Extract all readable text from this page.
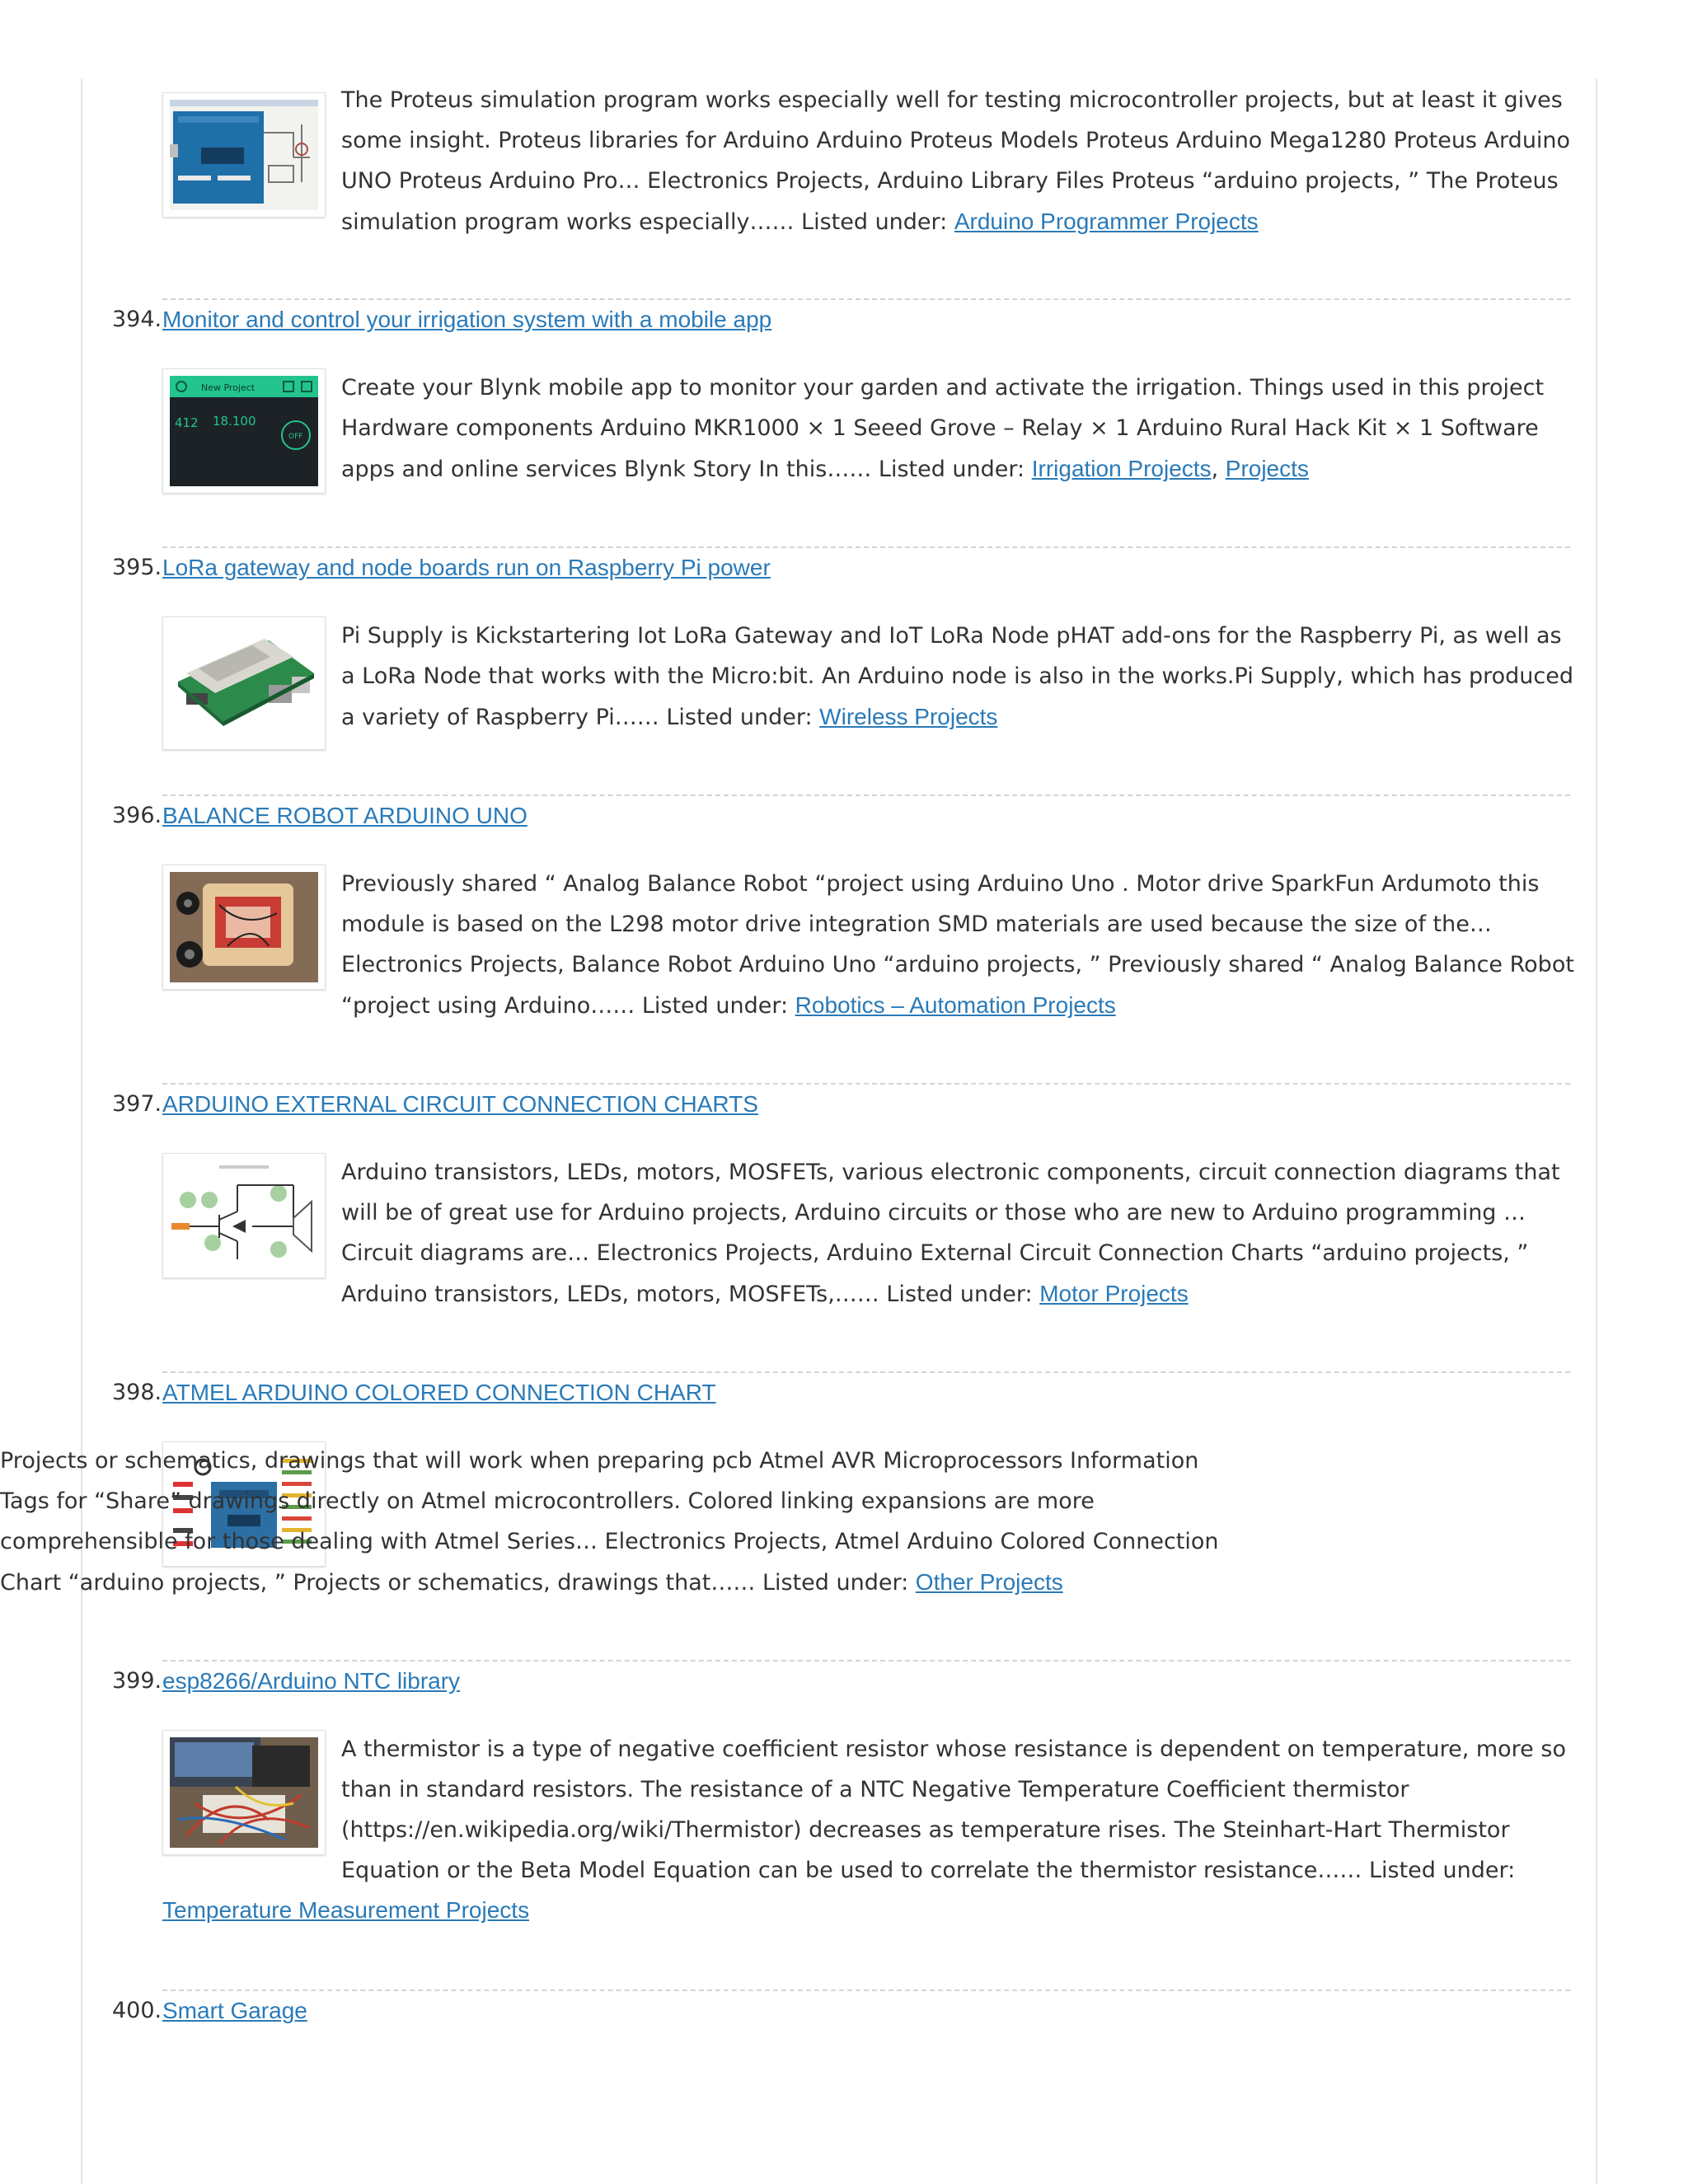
The Proteus simulation program works especially well for testing microcontroller projects, but at least it gives some insight. Proteus libraries for Arduino Arduino Proteus Models Proteus Arduino Mega1280 Proteus Arduino UNO Proteus Arduino Pro… Electronics Projects, Arduino Library Files Proteus “arduino projects, ” The Proteus simulation program works especially…… Listed under: Arduino Programmer Projects

394. Monitor and control your irrigation system with a mobile app
New Project
412 18.100
OFF

Create your Blynk mobile app to monitor your garden and activate the irrigation. Things used in this project Hardware components Arduino MKR1000 × 1 Seeed Grove – Relay × 1 Arduino Rural Hack Kit × 1 Software apps and online services Blynk Story In this…… Listed under: Irrigation Projects, Projects

395. LoRa gateway and node boards run on Raspberry Pi power

Pi Supply is Kickstartering Iot LoRa Gateway and IoT LoRa Node pHAT add-ons for the Raspberry Pi, as well as a LoRa Node that works with the Micro:bit. An Arduino node is also in the works.Pi Supply, which has produced a variety of Raspberry Pi…… Listed under: Wireless Projects

396. BALANCE ROBOT ARDUINO UNO

Previously shared “ Analog Balance Robot “project using Arduino Uno . Motor drive SparkFun Ardumoto this module is based on the L298 motor drive integration SMD materials are used because the size of the…Electronics Projects, Balance Robot Arduino Uno “arduino projects, ” Previously shared “ Analog Balance Robot “project using Arduino…… Listed under: Robotics – Automation Projects

397. ARDUINO EXTERNAL CIRCUIT CONNECTION CHARTS

Arduino transistors, LEDs, motors, MOSFETs, various electronic components, circuit connection diagrams that will be of great use for Arduino projects, Arduino circuits or those who are new to Arduino programming … Circuit diagrams are… Electronics Projects, Arduino External Circuit Connection Charts “arduino projects, ” Arduino transistors, LEDs, motors, MOSFETs,…… Listed under: Motor Projects

398. ATMEL ARDUINO COLORED CONNECTION CHART

Projects or schematics, drawings that will work when preparing pcb Atmel AVR Microprocessors Information Tags for “Share” drawings directly on Atmel microcontrollers. Colored linking expansions are more comprehensible for those dealing with Atmel Series… Electronics Projects, Atmel Arduino Colored Connection Chart “arduino projects, ” Projects or schematics, drawings that…… Listed under: Other Projects

399. esp8266/Arduino NTC library

A thermistor is a type of negative coefficient resistor whose resistance is dependent on temperature, more so than in standard resistors. The resistance of a NTC Negative Temperature Coefficient thermistor (https://en.wikipedia.org/wiki/Thermistor) decreases as temperature rises. The Steinhart-Hart Thermistor Equation or the Beta Model Equation can be used to correlate the thermistor resistance…… Listed under:

Temperature Measurement Projects
400. Smart Garage
